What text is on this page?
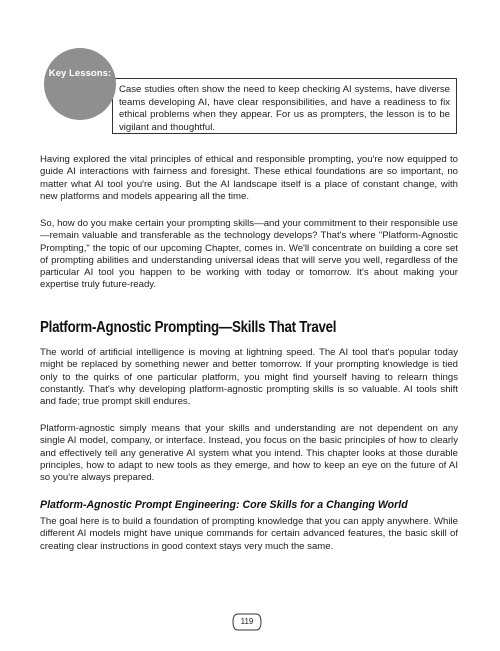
Case studies often show the need to keep checking AI systems, have diverse teams developing AI, have clear responsibilities, and have a readiness to fix ethical problems when they appear. For us as prompters, the lesson is to be vigilant and thoughtful.
Key Lessons:

Having explored the vital principles of ethical and responsible prompting, you're now equipped to guide AI interactions with fairness and foresight. These ethical foundations are so important, no matter what AI tool you're using. But the AI landscape itself is a place of constant change, with new platforms and models appearing all the time.

So, how do you make certain your prompting skills—and your commitment to their responsible use—remain valuable and transferable as the technology develops? That's where "Platform-Agnostic Prompting," the topic of our upcoming Chapter, comes in. We'll concentrate on building a core set of prompting abilities and understanding universal ideas that will serve you well, regardless of the particular AI tool you happen to be working with today or tomorrow. It's about making your expertise truly future-ready.

Platform-Agnostic Prompting—Skills That Travel

The world of artificial intelligence is moving at lightning speed. The AI tool that's popular today might be replaced by something newer and better tomorrow. If your prompting knowledge is tied only to the quirks of one particular platform, you might find yourself having to relearn things constantly. That's why developing platform-agnostic prompting skills is so valuable. AI tools shift and fade; true prompt skill endures.

Platform-agnostic simply means that your skills and understanding are not dependent on any single AI model, company, or interface. Instead, you focus on the basic principles of how to clearly and effectively tell any generative AI system what you intend. This chapter looks at those durable principles, how to adapt to new tools as they emerge, and how to keep an eye on the future of AI so you're always prepared.

Platform-Agnostic Prompt Engineering: Core Skills for a Changing World

The goal here is to build a foundation of prompting knowledge that you can apply anywhere. While different AI models might have unique commands for certain advanced features, the basic skill of creating clear instructions in good context stays very much the same.

119
